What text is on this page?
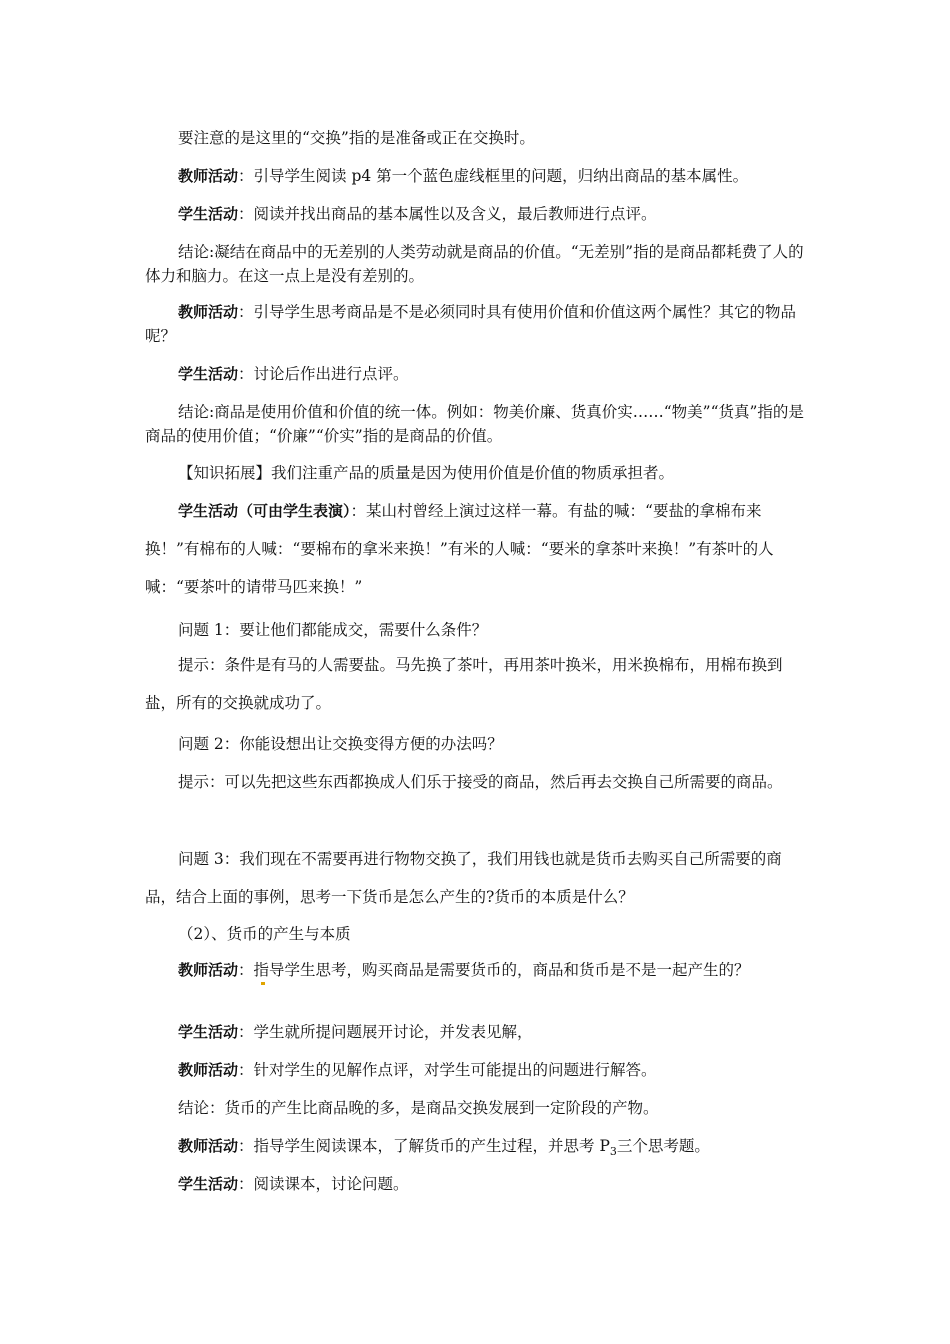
要注意的是这里的“交换”指的是准备或正在交换时。

教师活动：引导学生阅读 p4 第一个蓝色虚线框里的问题，归纳出商品的基本属性。

学生活动：阅读并找出商品的基本属性以及含义，最后教师进行点评。

结论:凝结在商品中的无差别的人类劳动就是商品的价值。“无差别”指的是商品都耗费了人的体力和脑力。在这一点上是没有差别的。

教师活动：引导学生思考商品是不是必须同时具有使用价值和价值这两个属性？其它的物品呢？

学生活动：讨论后作出进行点评。

结论:商品是使用价值和价值的统一体。例如：物美价廉、货真价实……“物美”“货真”指的是商品的使用价值；“价廉”“价实”指的是商品的价值。

【知识拓展】我们注重产品的质量是因为使用价值是价值的物质承担者。

学生活动（可由学生表演）：某山村曾经上演过这样一幕。有盐的喊：“要盐的拿棉布来换！”有棉布的人喊：“要棉布的拿米来换！”有米的人喊：“要米的拿茶叶来换！”有茶叶的人喊：“要茶叶的请带马匹来换！”

问题 1：要让他们都能成交，需要什么条件？

提示：条件是有马的人需要盐。马先换了茶叶，再用茶叶换米，用米换棉布，用棉布换到盐，所有的交换就成功了。

问题 2：你能设想出让交换变得方便的办法吗？

提示：可以先把这些东西都换成人们乐于接受的商品，然后再去交换自己所需要的商品。

问题 3：我们现在不需要再进行物物交换了，我们用钱也就是货币去购买自己所需要的商品，结合上面的事例，思考一下货币是怎么产生的?货币的本质是什么？

（2）、货币的产生与本质

教师活动：指导学生思考，购买商品是需要货币的，商品和货币是不是一起产生的？

学生活动：学生就所提问题展开讨论，并发表见解，

教师活动：针对学生的见解作点评，对学生可能提出的问题进行解答。

结论：货币的产生比商品晚的多，是商品交换发展到一定阶段的产物。

教师活动：指导学生阅读课本，了解货币的产生过程，并思考 $P_3$三个思考题。

学生活动：阅读课本，讨论问题。
